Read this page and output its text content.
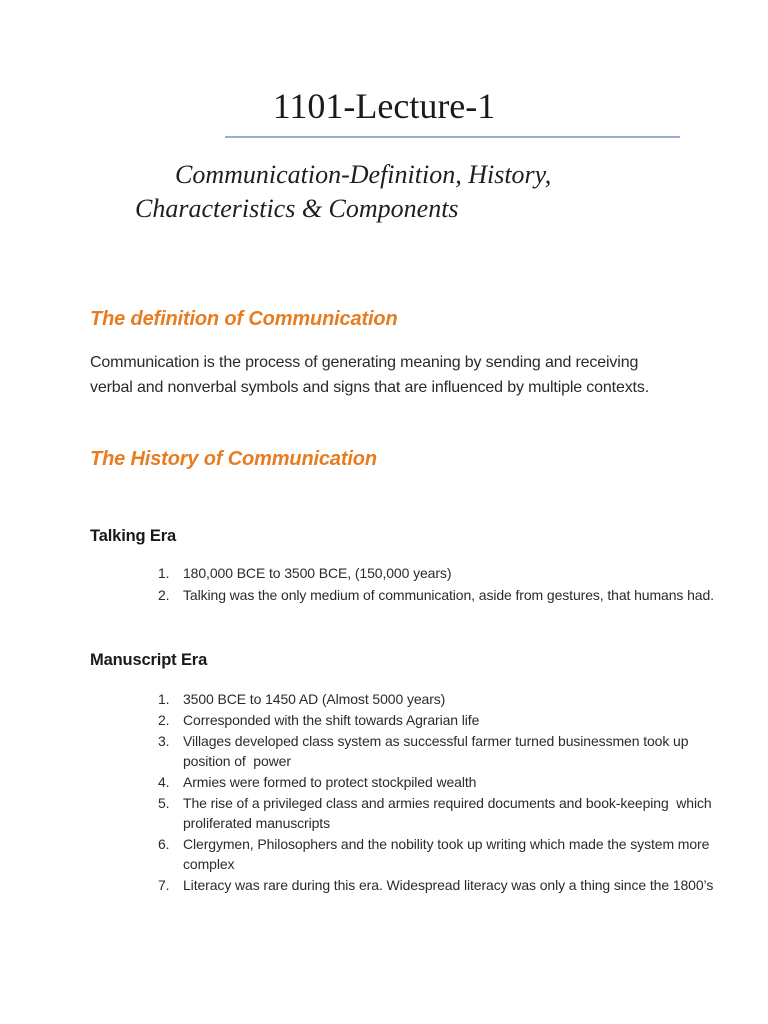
1101-Lecture-1
Communication-Definition, History,
Characteristics & Components
The definition of Communication
Communication is the process of generating meaning by sending and receiving
verbal and nonverbal symbols and signs that are influenced by multiple contexts.
The History of Communication
Talking Era
1. 180,000 BCE to 3500 BCE, (150,000 years)
2. Talking was the only medium of communication, aside from gestures, that humans had.
Manuscript Era
1. 3500 BCE to 1450 AD (Almost 5000 years)
2. Corresponded with the shift towards Agrarian life
3. Villages developed class system as successful farmer turned businessmen took up
position of  power
4. Armies were formed to protect stockpiled wealth
5. The rise of a privileged class and armies required documents and book-keeping  which
proliferated manuscripts
6. Clergymen, Philosophers and the nobility took up writing which made the system more
complex
7. Literacy was rare during this era. Widespread literacy was only a thing since the 1800’s
